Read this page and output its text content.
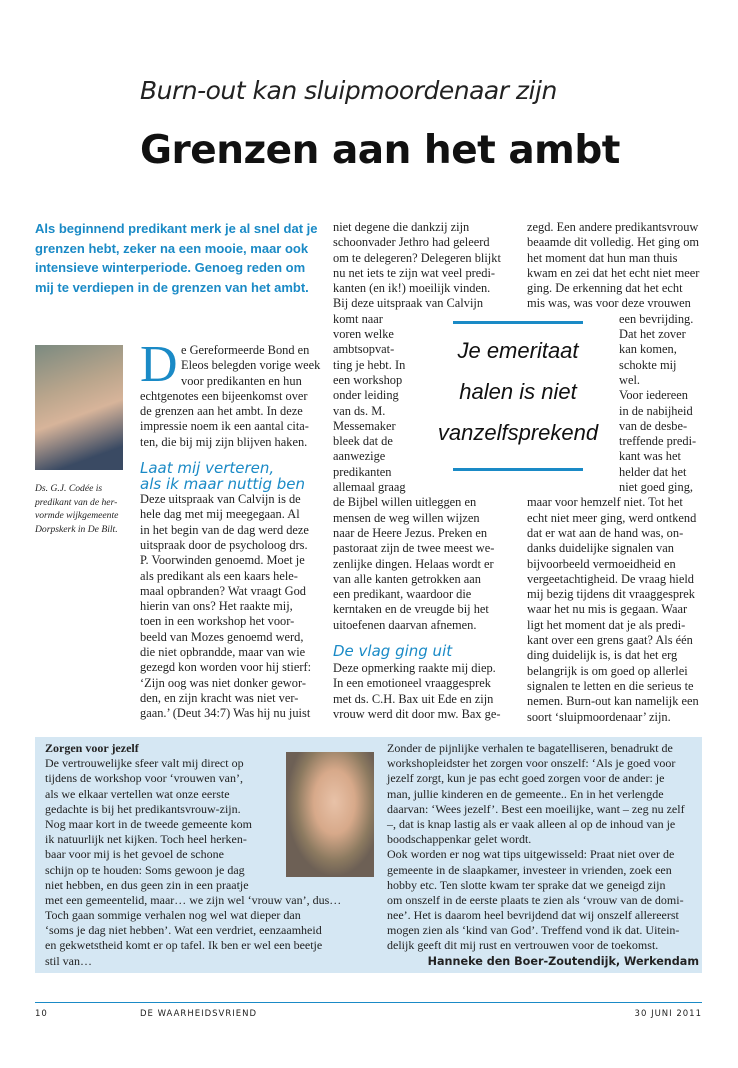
Burn-out kan sluipmoordenaar zijn
Grenzen aan het ambt
Als beginnend predikant merk je al snel dat je
grenzen hebt, zeker na een mooie, maar ook
intensieve winterperiode. Genoeg reden om
mij te verdiepen in de grenzen van het ambt.
Ds. G.J. Codée is
predikant van de her-
vormde wijkgemeente
Dorpskerk in De Bilt.
D e Gereformeerde Bond en
Eleos belegden vorige week
voor predikanten en hun
echtgenotes een bijeenkomst over
de grenzen aan het ambt. In deze
impressie noem ik een aantal cita-
ten, die bij mij zijn blijven haken.
Laat mij verteren,
als ik maar nuttig ben
Deze uitspraak van Calvijn is de
hele dag met mij meegegaan. Al
in het begin van de dag werd deze
uitspraak door de psycholoog drs.
P. Voorwinden genoemd. Moet je
als predikant als een kaars hele-
maal opbranden? Wat vraagt God
hierin van ons? Het raakte mij,
toen in een workshop het voor-
beeld van Mozes genoemd werd,
die niet opbrandde, maar van wie
gezegd kon worden voor hij stierf:
‘Zijn oog was niet donker gewor-
den, en zijn kracht was niet ver-
gaan.’ (Deut 34:7) Was hij nu juist
niet degene die dankzij zijn
schoonvader Jethro had geleerd
om te delegeren? Delegeren blijkt
nu net iets te zijn wat veel predi-
kanten (en ik!) moeilijk vinden.
Bij deze uitspraak van Calvijn
komt naar
voren welke
ambtsopvat-
ting je hebt. In
een workshop
onder leiding
van ds. M.
Messemaker
bleek dat de
aanwezige
predikanten
allemaal graag
de Bijbel willen uitleggen en
mensen de weg willen wijzen
naar de Heere Jezus. Preken en
pastoraat zijn de twee meest we-
zenlijke dingen. Helaas wordt er
van alle kanten getrokken aan
een predikant, waardoor die
kerntaken en de vreugde bij het
uitoefenen daarvan afnemen.
De vlag ging uit
Deze opmerking raakte mij diep.
In een emotioneel vraaggesprek
met ds. C.H. Bax uit Ede en zijn
vrouw werd dit door mw. Bax ge-
zegd. Een andere predikantsvrouw
beaamde dit volledig. Het ging om
het moment dat hun man thuis
kwam en zei dat het echt niet meer
ging. De erkenning dat het echt
mis was, was voor deze vrouwen
een bevrijding.
Dat het zover
kan komen,
schokte mij
wel.
Voor iedereen
in de nabijheid
van de desbe-
treffende predi-
kant was het
helder dat het
niet goed ging,
maar voor hemzelf niet. Tot het
echt niet meer ging, werd ontkend
dat er wat aan de hand was, on-
danks duidelijke signalen van
bijvoorbeeld vermoeidheid en
vergeetachtigheid. De vraag hield
mij bezig tijdens dit vraaggesprek
waar het nu mis is gegaan. Waar
ligt het moment dat je als predi-
kant over een grens gaat? Als één
ding duidelijk is, is dat het erg
belangrijk is om goed op allerlei
signalen te letten en die serieus te
nemen. Burn-out kan namelijk een
soort ‘sluipmoordenaar’ zijn.
Je emeritaat
halen is niet
vanzelfsprekend
Zorgen voor jezelf
De vertrouwelijke sfeer valt mij direct op
tijdens de workshop voor ‘vrouwen van’,
als we elkaar vertellen wat onze eerste
gedachte is bij het predikantsvrouw-zijn.
Nog maar kort in de tweede gemeente kom
ik natuurlijk net kijken. Toch heel herken-
baar voor mij is het gevoel de schone
schijn op te houden: Soms gewoon je dag
niet hebben, en dus geen zin in een praatje
met een gemeentelid, maar… we zijn wel ‘vrouw van’, dus…
Toch gaan sommige verhalen nog wel wat dieper dan
‘soms je dag niet hebben’. Wat een verdriet, eenzaamheid
en gekwetstheid komt er op tafel. Ik ben er wel een beetje
stil van…
Zonder de pijnlijke verhalen te bagatelliseren, benadrukt de
workshopleidster het zorgen voor onszelf: ‘Als je goed voor
jezelf zorgt, kun je pas echt goed zorgen voor de ander: je
man, jullie kinderen en de gemeente.. En in het verlengde
daarvan: ‘Wees jezelf’. Best een moeilijke, want – zeg nu zelf
–, dat is knap lastig als er vaak alleen al op de inhoud van je
boodschappenkar gelet wordt.
Ook worden er nog wat tips uitgewisseld: Praat niet over de
gemeente in de slaapkamer, investeer in vrienden, zoek een
hobby etc. Ten slotte kwam ter sprake dat we geneigd zijn
om onszelf in de eerste plaats te zien als ‘vrouw van de domi-
nee’. Het is daarom heel bevrijdend dat wij onszelf allereerst
mogen zien als ‘kind van God’. Treffend vond ik dat. Uitein-
delijk geeft dit mij rust en vertrouwen voor de toekomst.
Hanneke den Boer-Zoutendijk, Werkendam
10	DE WAARHEIDSVRIEND	30 JUNI 2011
